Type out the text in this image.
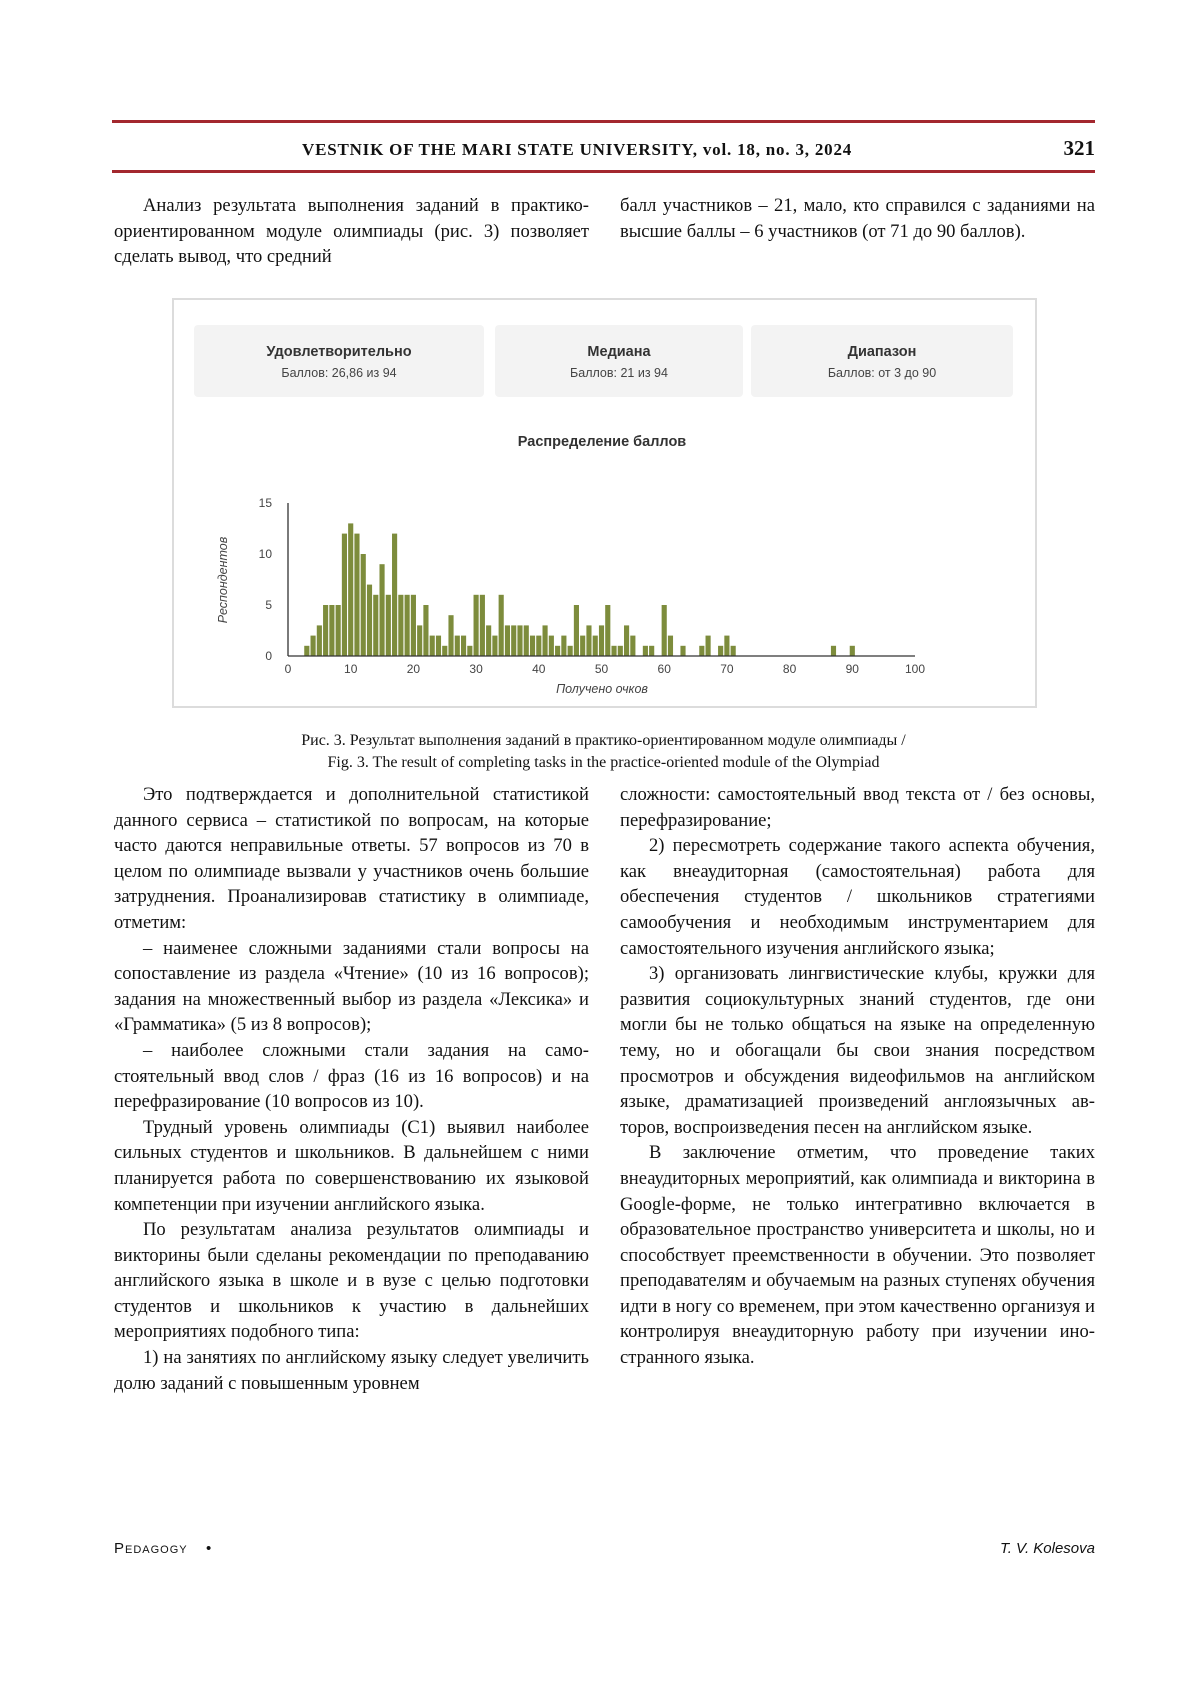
VESTNIK OF THE MARI STATE UNIVERSITY, vol. 18, no. 3, 2024	321

Анализ результата выполнения заданий в практико-ориентированном модуле олимпиады (рис. 3) позволяет сделать вывод, что средний

балл участников – 21, мало, кто справился с заданиями на высшие баллы – 6 участников (от 71 до 90 баллов).

Удовлетворительно
Баллов: 26,86 из 94
Медиана
Баллов: 21 из 94
Диапазон
Баллов: от 3 до 90
Распределение баллов
0	10	20	30	40	50	60	70	80	90	100
0
5
10
15
Получено очков
Респондентов
Рис. 3. Результат выполнения заданий в практико-ориентированном модуле олимпиады /
Fig. 3. The result of completing tasks in the practice-oriented module of the Olympiad

Это подтверждается и дополнительной статистикой данного сервиса – статистикой по вопросам, на которые часто даются неправильные ответы. 57 вопросов из 70 в целом по олимпиаде вызвали у участников очень большие затруднения. Проанализировав статистику в олимпиаде, отметим:

– наименее сложными заданиями стали вопросы на сопоставление из раздела «Чтение» (10 из 16 вопросов); задания на множественный выбор из раздела «Лексика» и «Грамматика» (5 из 8 вопросов);

– наиболее сложными стали задания на самостоятельный ввод слов / фраз (16 из 16 вопросов) и на перефразирование (10 вопросов из 10).

Трудный уровень олимпиады (С1) выявил наиболее сильных студентов и школьников. В дальнейшем с ними планируется работа по совершенствованию их языковой компетенции при изучении английского языка.

По результатам анализа результатов олимпиады и викторины были сделаны рекомендации по преподаванию английского языка в школе и в вузе с целью подготовки студентов и школьников к участию в дальнейших мероприятиях подобного типа:

1) на занятиях по английскому языку следует увеличить долю заданий с повышенным уровнем

сложности: самостоятельный ввод текста от / без основы, перефразирование;

2) пересмотреть содержание такого аспекта обучения, как внеаудиторная (самостоятельная) работа для обеспечения студентов / школьников стратегиями самообучения и необходимым инструментарием для самостоятельного изучения английского языка;

3) организовать лингвистические клубы, кружки для развития социокультурных знаний студентов, где они могли бы не только общаться на языке на определенную тему, но и обогащали бы свои знания посредством просмотров и обсуждения видеофильмов на английском языке, драматизацией произведений англоязычных авторов, воспроизведения песен на английском языке.

В заключение отметим, что проведение таких внеаудиторных мероприятий, как олимпиада и викторина в Google-форме, не только интегративно включается в образовательное пространство университета и школы, но и способствует преемственности в обучении. Это позволяет преподавателям и обучаемым на разных ступенях обучения идти в ногу со временем, при этом качественно организуя и контролируя внеаудиторную работу при изучении иностранного языка.

Pedagogy •	T. V. Kolesova
